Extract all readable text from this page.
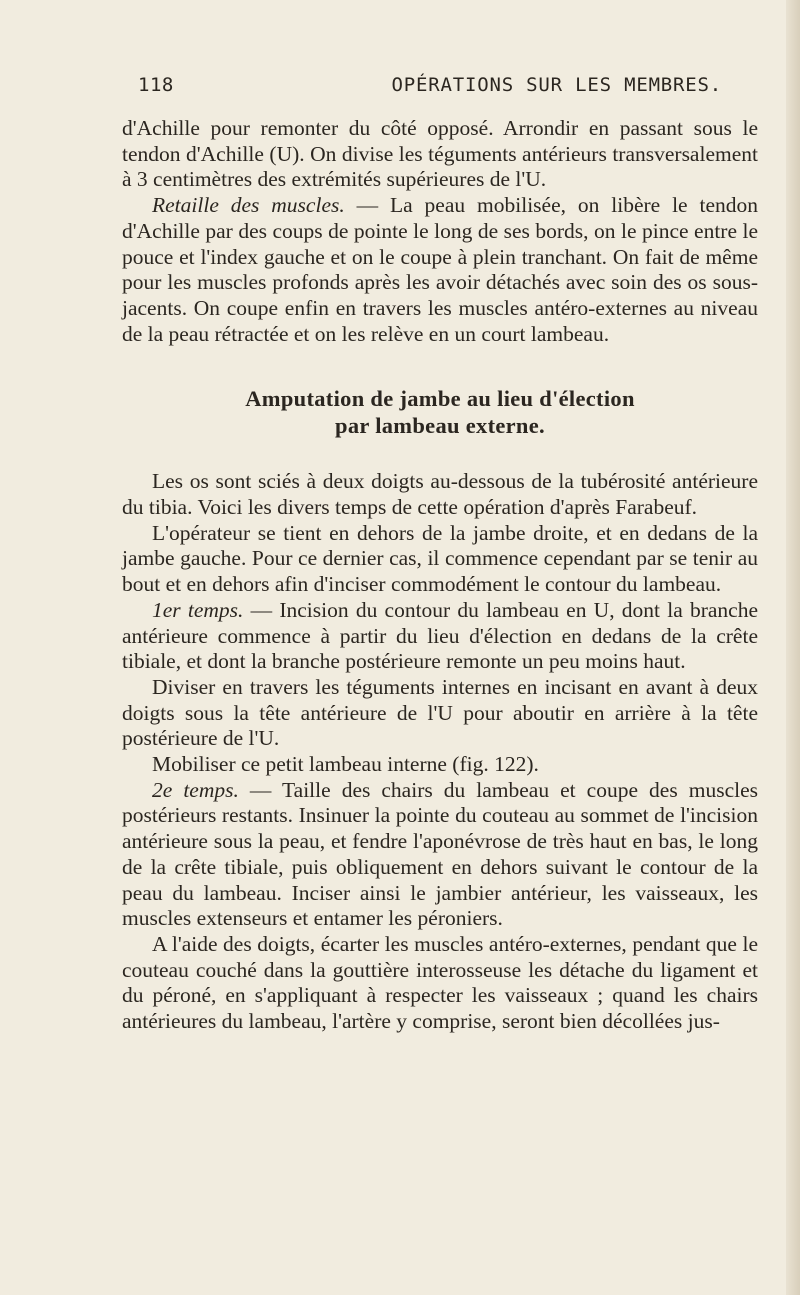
118	OPÉRATIONS SUR LES MEMBRES.

d'Achille pour remonter du côté opposé. Arrondir en passant sous le tendon d'Achille (U). On divise les téguments antérieurs transversalement à 3 centimètres des extrémités supérieures de l'U.

Retaille des muscles. — La peau mobilisée, on libère le tendon d'Achille par des coups de pointe le long de ses bords, on le pince entre le pouce et l'index gauche et on le coupe à plein tranchant. On fait de même pour les muscles profonds après les avoir détachés avec soin des os sous-jacents. On coupe enfin en travers les muscles antéro-externes au niveau de la peau rétractée et on les relève en un court lambeau.

Amputation de jambe au lieu d'élection
par lambeau externe.

Les os sont sciés à deux doigts au-dessous de la tubérosité antérieure du tibia. Voici les divers temps de cette opération d'après Farabeuf.

L'opérateur se tient en dehors de la jambe droite, et en dedans de la jambe gauche. Pour ce dernier cas, il commence cependant par se tenir au bout et en dehors afin d'inciser commodément le contour du lambeau.

1er temps. — Incision du contour du lambeau en U, dont la branche antérieure commence à partir du lieu d'élection en dedans de la crête tibiale, et dont la branche postérieure remonte un peu moins haut.

Diviser en travers les téguments internes en incisant en avant à deux doigts sous la tête antérieure de l'U pour aboutir en arrière à la tête postérieure de l'U.

Mobiliser ce petit lambeau interne (fig. 122).

2e temps. — Taille des chairs du lambeau et coupe des muscles postérieurs restants. Insinuer la pointe du couteau au sommet de l'incision antérieure sous la peau, et fendre l'aponévrose de très haut en bas, le long de la crête tibiale, puis obliquement en dehors suivant le contour de la peau du lambeau. Inciser ainsi le jambier antérieur, les vaisseaux, les muscles extenseurs et entamer les péroniers.

A l'aide des doigts, écarter les muscles antéro-externes, pendant que le couteau couché dans la gouttière interosseuse les détache du ligament et du péroné, en s'appliquant à respecter les vaisseaux ; quand les chairs antérieures du lambeau, l'artère y comprise, seront bien décollées jus-
